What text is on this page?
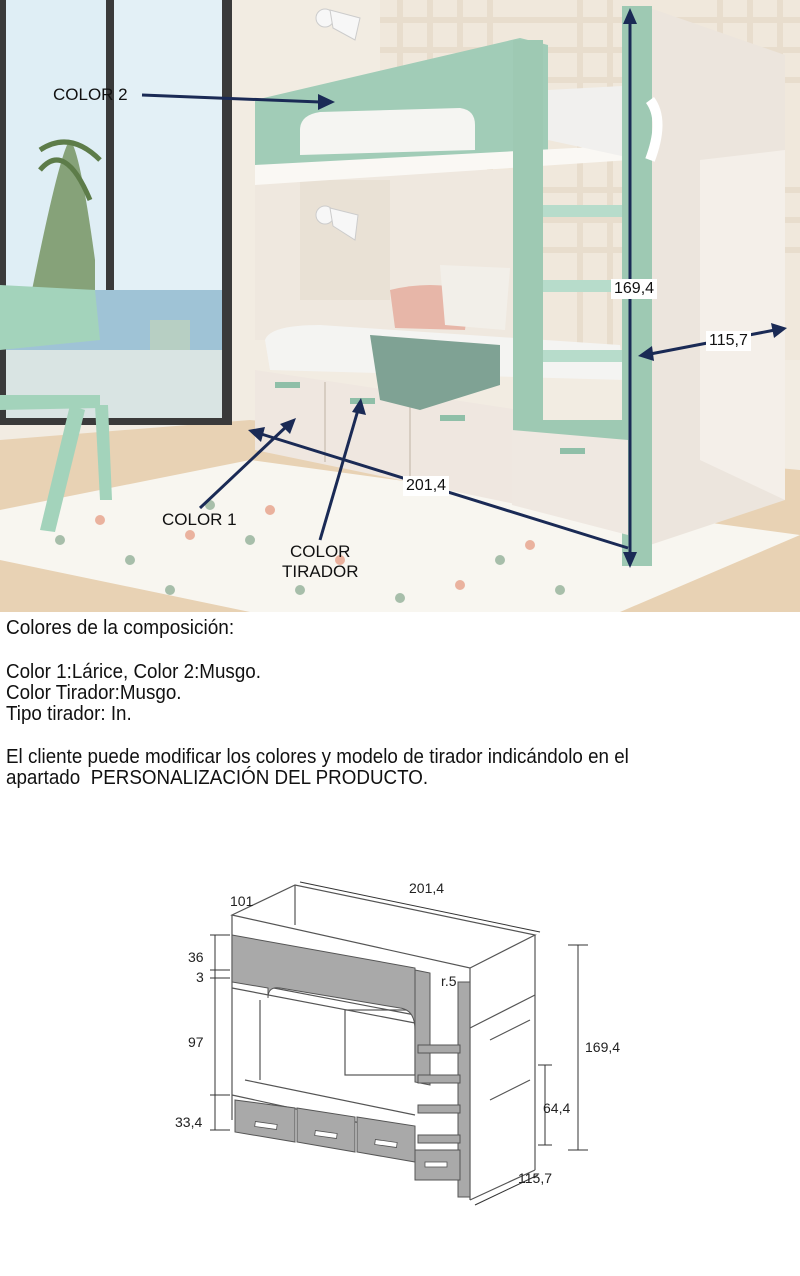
COLOR 2
COLOR 1
COLOR
TIRADOR
169,4
115,7
201,4
Colores de la composición:
Color 1:Lárice, Color 2:Musgo.
Color Tirador:Musgo.
Tipo tirador: In.
El cliente puede modificar los colores y modelo de tirador indicándolo en el
apartado PERSONALIZACIÓN DEL PRODUCTO.
101
201,4
36
3	r.5
97
33,4
169,4
64,4
115,7
